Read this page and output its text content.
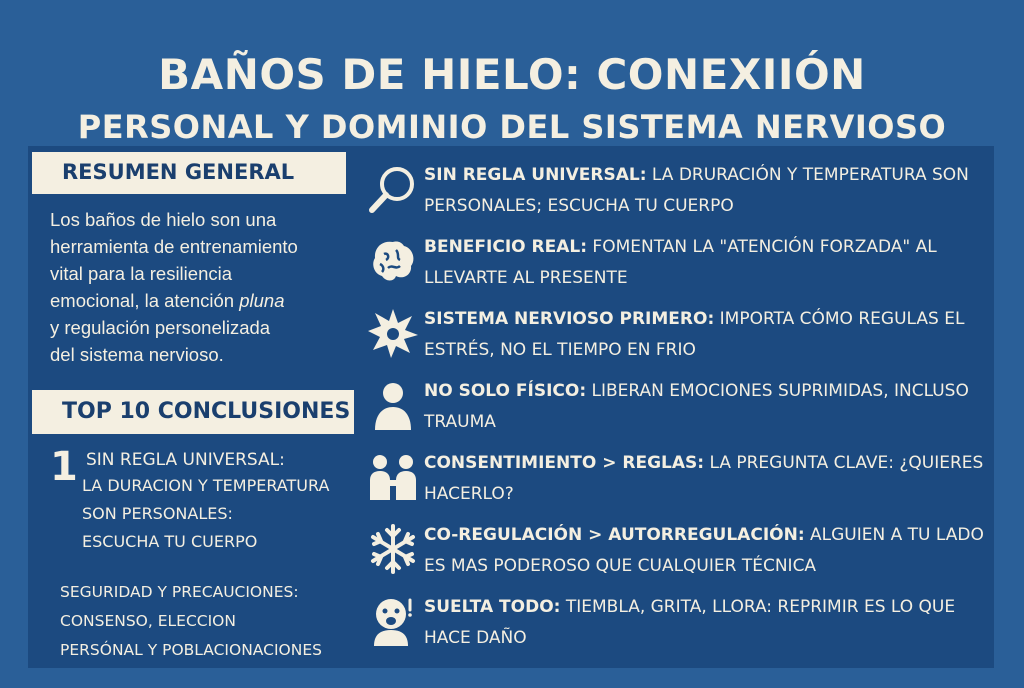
BAÑOS DE HIELO: CONEXIIÓN
PERSONAL Y DOMINIO DEL SISTEMA NERVIOSO
RESUMEN GENERAL
Los baños de hielo son una
herramienta de entrenamiento
vital para la resiliencia
emocional, la atención pluna
y regulación personelizada
del sistema nervioso.
TOP 10 CONCLUSIONES
1 SIN REGLA UNIVERSAL:
LA DURACION Y TEMPERATURA
SON PERSONALES:
ESCUCHA TU CUERPO
SEGURIDAD Y PRECAUCIONES:
CONSENSO, ELECCION
PERSÓNAL Y POBLACIONACIONES
SIN REGLA UNIVERSAL: LA DRURACIÓN Y TEMPERATURA SON PERSONALES; ESCUCHA TU CUERPO
BENEFICIO REAL: FOMENTAN LA "ATENCIÓN FORZADA" AL LLEVARTE AL PRESENTE
SISTEMA NERVIOSO PRIMERO: IMPORTA CÓMO REGULAS EL ESTRÉS, NO EL TIEMPO EN FRIO
NO SOLO FÍSICO: LIBERAN EMOCIONES SUPRIMIDAS, INCLUSO TRAUMA
CONSENTIMIENTO > REGLAS: LA PREGUNTA CLAVE: ¿QUIERES HACERLO?
CO-REGULACIÓN > AUTORREGULACIÓN: ALGUIEN A TU LADO ES MAS PODEROSO QUE CUALQUIER TÉCNICA
SUELTA TODO: TIEMBLA, GRITA, LLORA: REPRIMIR ES LO QUE HACE DAÑO
